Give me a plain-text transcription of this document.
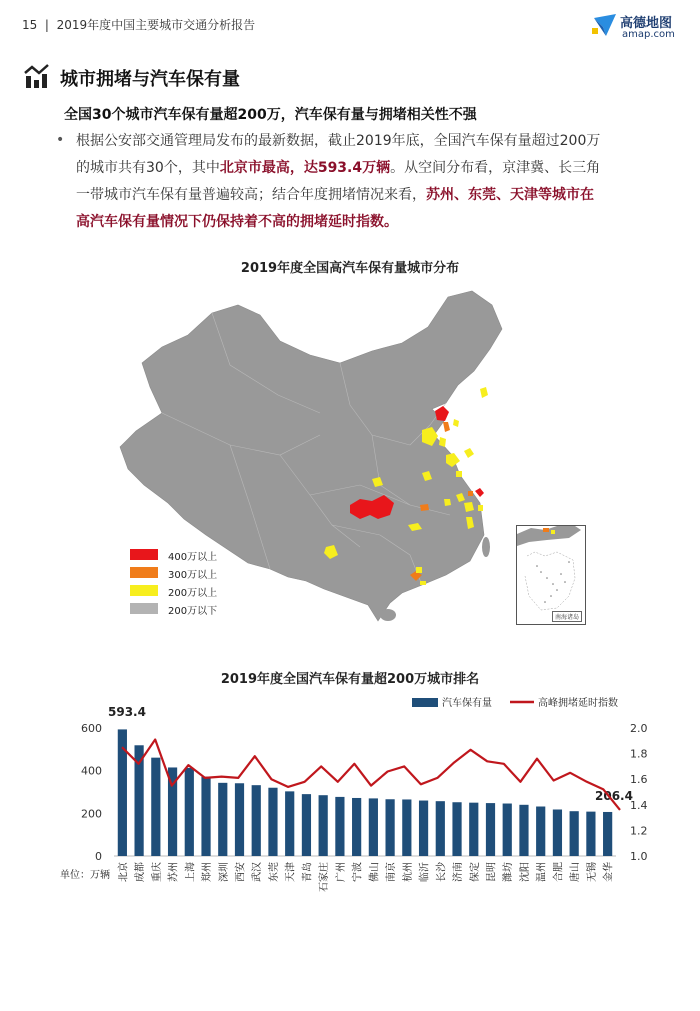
15  |  2019年度中国主要城市交通分析报告	高德地图
amap.com
城市拥堵与汽车保有量
全国30个城市汽车保有量超200万，汽车保有量与拥堵相关性不强
• 根据公安部交通管理局发布的最新数据，截止2019年底，全国汽车保有量超过200万
的城市共有30个，其中北京市最高，达593.4万辆。从空间分布看，京津冀、长三角
一带城市汽车保有量普遍较高；结合年度拥堵情况来看，苏州、东莞、天津等城市在
高汽车保有量情况下仍保持着不高的拥堵延时指数。
2019年度全国高汽车保有量城市分布
400万以上
300万以上
200万以上
200万以下
南海诸岛
2019年度全国汽车保有量超200万城市排名
汽车保有量	高峰拥堵延时指数
单位：万辆
593.4
206.4
0
200
400
600
1.0
1.2
1.4
1.6
1.8
2.0
北京 成都 重庆 苏州 上海 郑州 深圳 西安 武汉 东莞 天津 青岛 石家庄 广州 宁波 佛山 南京 杭州 临沂 长沙 济南 保定 昆明 潍坊 沈阳 温州 合肥 唐山 无锡 金华
